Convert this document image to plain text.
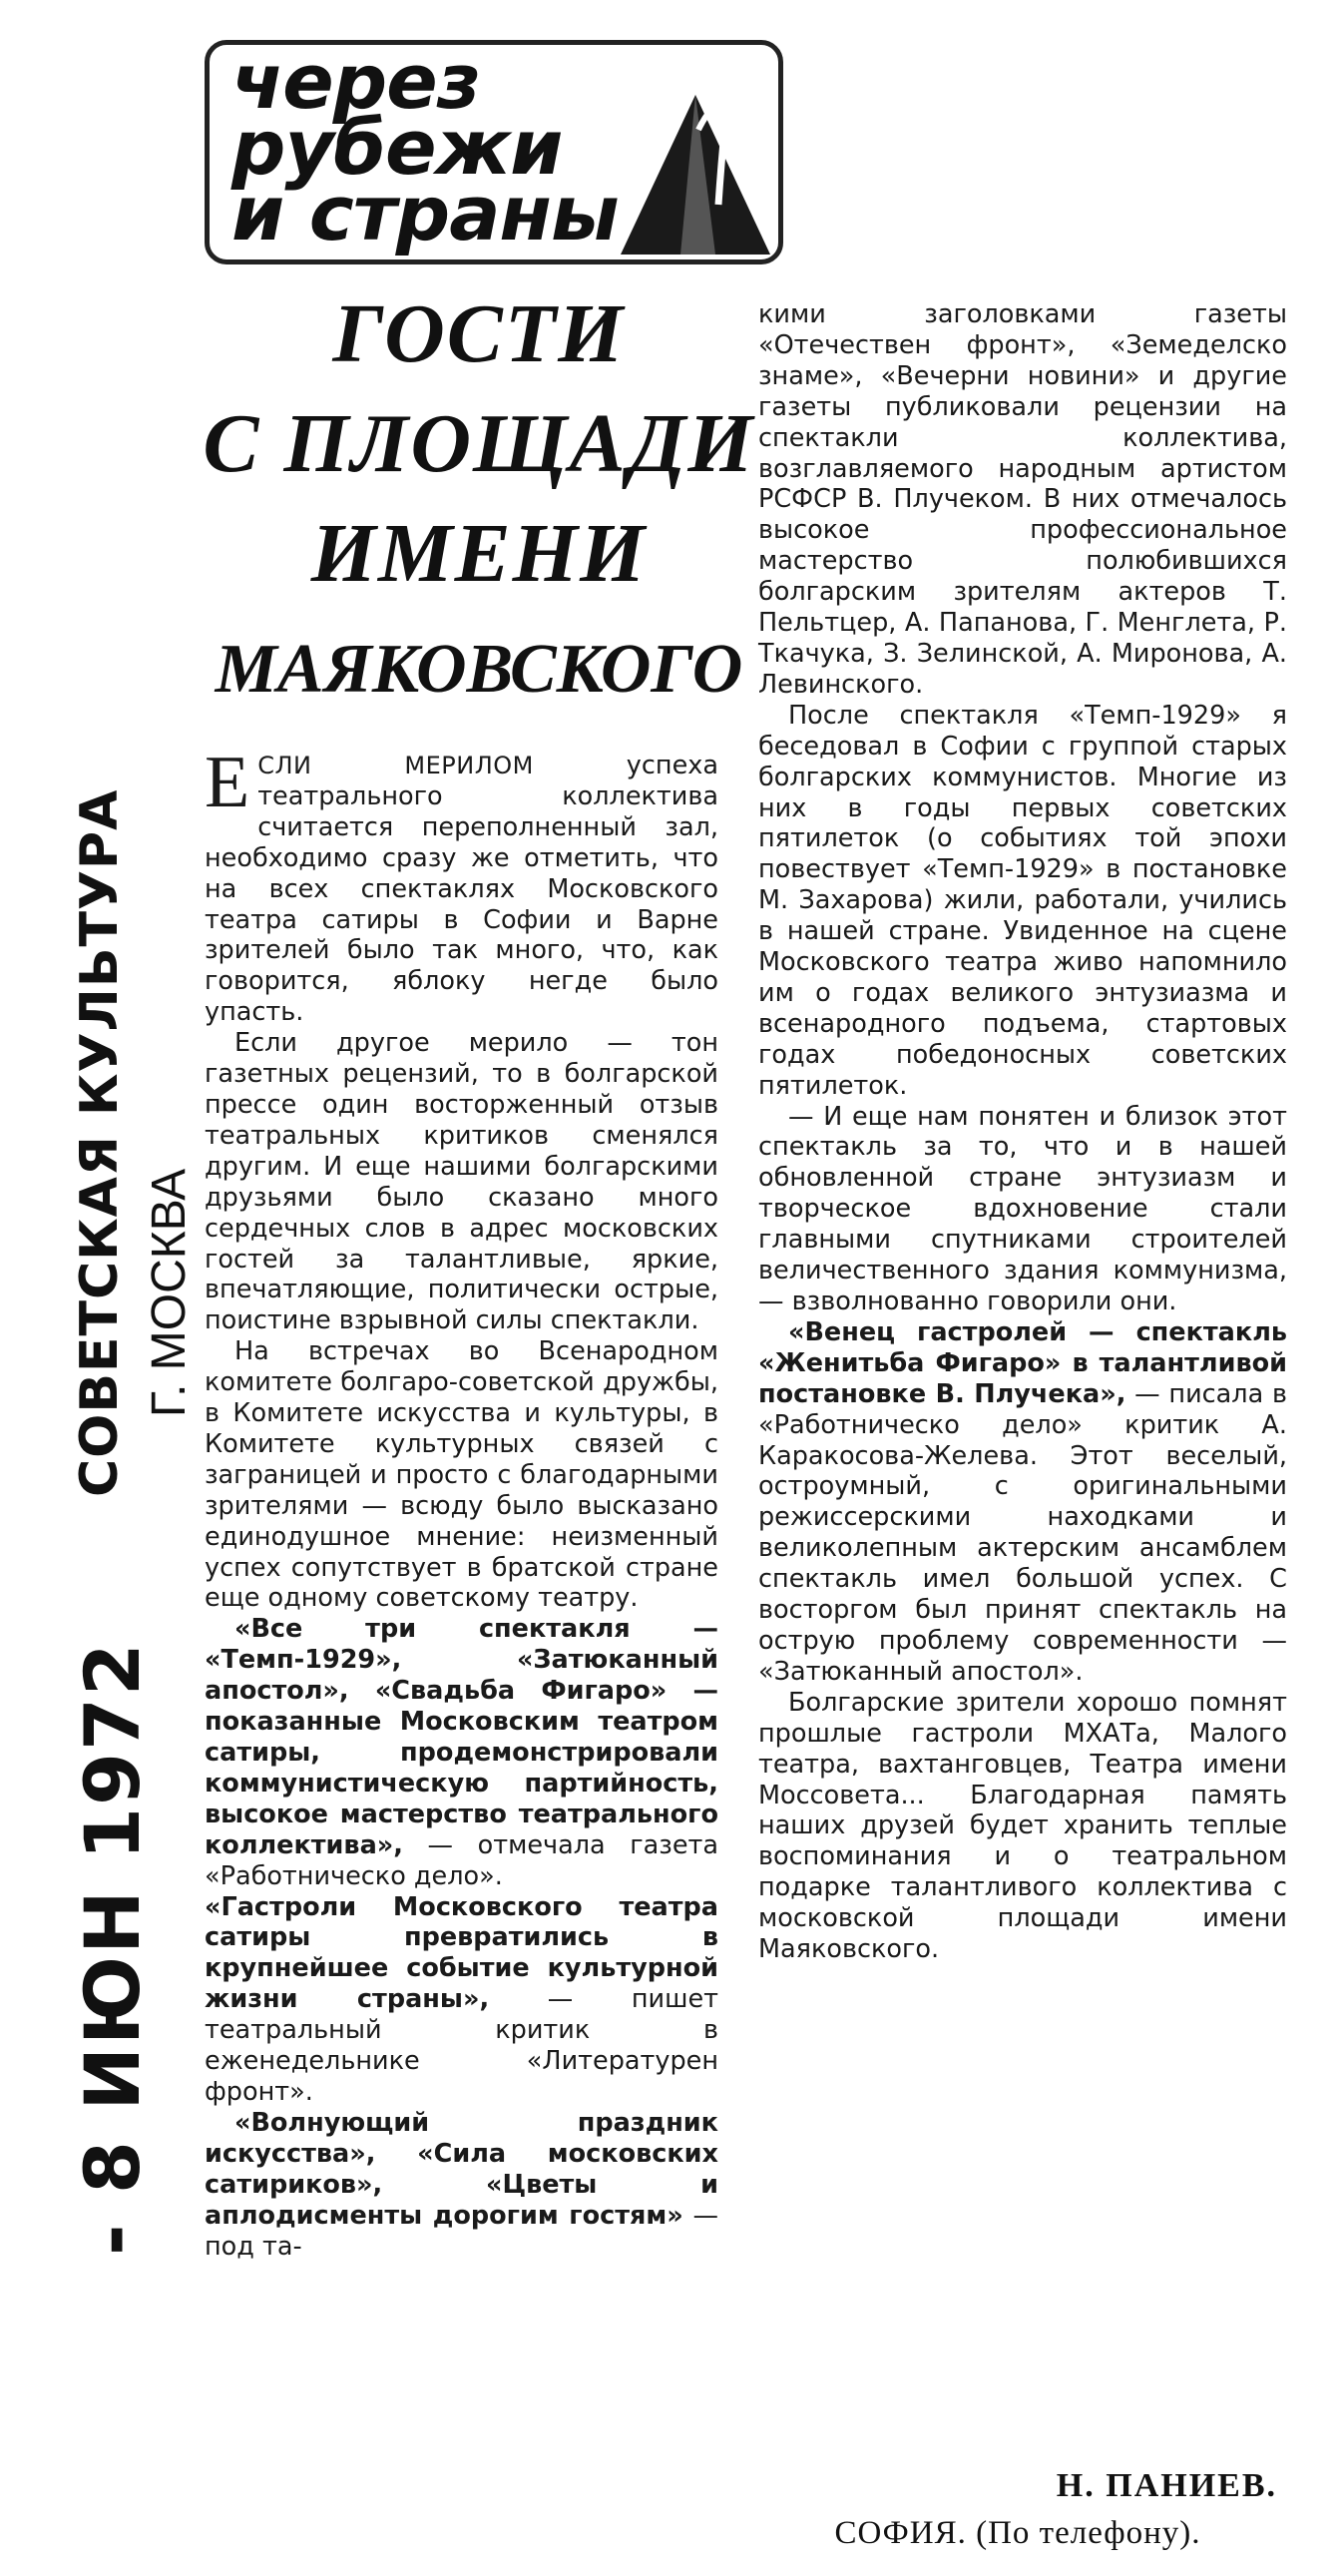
через
рубежи
и страны
СОВЕТСКАЯ КУЛЬТУРА Г. МОСКВА
- 8 ИЮН 1972
ГОСТИ
С ПЛОЩАДИ
ИМЕНИ
МАЯКОВСКОГО

ЕСЛИ МЕРИЛОМ	успеха театрального коллектива считается переполненный зал, необходимо сразу же отметить, что на всех спектаклях Московского театра сатиры в Софии и Варне зрителей было так много, что, как говорится, яблоку негде было упасть.

Если другое мерило — тон газетных рецензий, то в болгарской прессе один восторженный отзыв театральных критиков сменялся другим. И еще нашими болгарскими друзьями было сказано много сердечных слов в адрес московских гостей за талантливые, яркие, впечатляющие, политически острые, поистине взрывной силы спектакли.

На встречах во Всенародном комитете болгаро-советской дружбы, в Комитете искусства и культуры, в Комитете культурных связей с заграницей и просто с благодарными зрителями — всюду было высказано единодушное мнение: неизменный успех сопутствует в братской стране еще одному советскому театру.

«Все три спектакля — «Темп-1929», «Затюканный апостол», «Свадьба Фигаро» — показанные Московским театром сатиры, продемонстрировали коммунистическую партийность, высокое мастерство театрального коллектива», — отмечала газета «Работническо дело».

«Гастроли Московского театра сатиры превратились в крупнейшее событие культурной жизни страны», — пишет театральный критик в еженедельнике «Литературен фронт».

«Волнующий праздник искусства», «Сила московских сатириков», «Цветы и аплодисменты дорогим гостям» — под та-

кими заголовками газеты «Отечествен фронт», «Земеделско знаме», «Вечерни новини» и другие газеты публиковали рецензии на спектакли коллектива, возглавляемого народным артистом РСФСР В. Плучеком. В них отмечалось высокое профессиональное мастерство полюбившихся болгарским зрителям актеров Т. Пельтцер, А. Папанова, Г. Менглета, Р. Ткачука, З. Зелинской, А. Миронова, А. Левинского.

После спектакля «Темп-1929» я беседовал в Софии с группой старых болгарских коммунистов. Многие из них в годы первых советских пятилеток (о событиях той эпохи повествует «Темп-1929» в постановке М. Захарова) жили, работали, учились в нашей стране. Увиденное на сцене Московского театра живо напомнило им о годах великого энтузиазма и всенародного подъема, стартовых годах победоносных советских пятилеток.

— И еще нам понятен и близок этот спектакль за то, что и в нашей обновленной стране энтузиазм и творческое вдохновение стали главными спутниками строителей величественного здания коммунизма, — взволнованно говорили они.

«Венец гастролей — спектакль «Женитьба Фигаро» в талантливой постановке В. Плучека», — писала в «Работническо дело» критик А. Каракосова-Желева. Этот веселый, остроумный, с оригинальными режиссерскими находками и великолепным актерским ансамблем спектакль имел большой успех. С восторгом был принят спектакль на острую проблему современности — «Затюканный апостол».

Болгарские зрители хорошо помнят прошлые гастроли МХАТа, Малого театра, вахтанговцев, Театра имени Моссовета... Благодарная память наших друзей будет хранить теплые воспоминания и о театральном подарке талантливого коллектива с московской площади имени Маяковского.

Н. ПАНИЕВ.
СОФИЯ. (По телефону).
